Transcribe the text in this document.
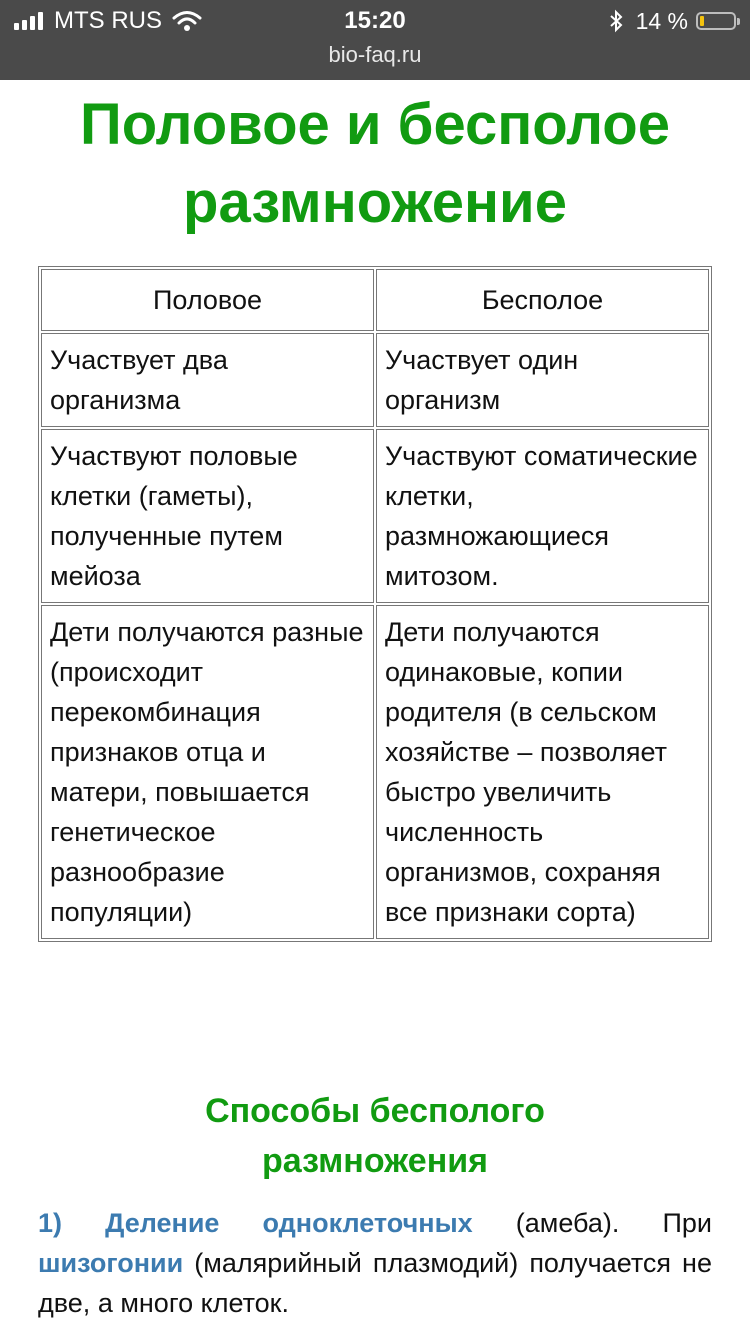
MTS RUS	15:20	14 %
bio-faq.ru
Половое и бесполое размножение
Половое	Бесполое
Участвует два организма	Участвует один организм
Участвуют половые клетки (гаметы), полученные путем мейоза	Участвуют соматические клетки, размножающиеся митозом.
Дети получаются разные (происходит перекомбинация признаков отца и матери, повышается генетическое разнообразие популяции)	Дети получаются одинаковые, копии родителя (в сельском хозяйстве – позволяет быстро увеличить численность организмов, сохраняя все признаки сорта)
Способы бесполого размножения

1) Деление одноклеточных (амеба). При шизогонии (малярийный плазмодий) получается не две, а много клеток.
